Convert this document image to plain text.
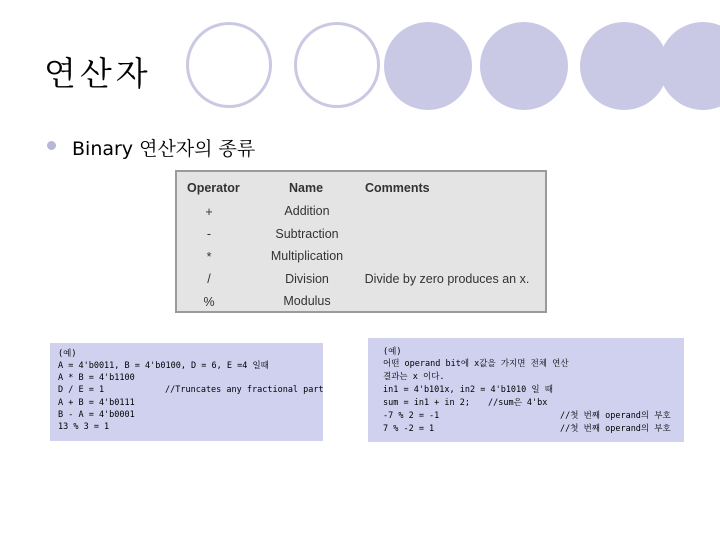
연산자
Binary 연산자의 종류
Operator	Name	Comments
+	Addition
-	Subtraction
*	Multiplication
/	Division	Divide by zero produces an x.
%	Modulus
(예)
A = 4'b0011, B = 4'b0100, D = 6, E =4 일때
A * B = 4'b1100
D / E = 1	//Truncates any fractional part
A + B = 4'b0111
B - A = 4'b0001
13 % 3 = 1
(예)
어떤 operand bit에 x값을 가지면 전체 연산
결과는 x 이다.
in1 = 4'b101x, in2 = 4'b1010 일 때
sum = in1 + in 2; //sum은 4'bx
-7 % 2 = -1	//첫 번째 operand의 부호
7 % -2 = 1	//첫 번째 operand의 부호
